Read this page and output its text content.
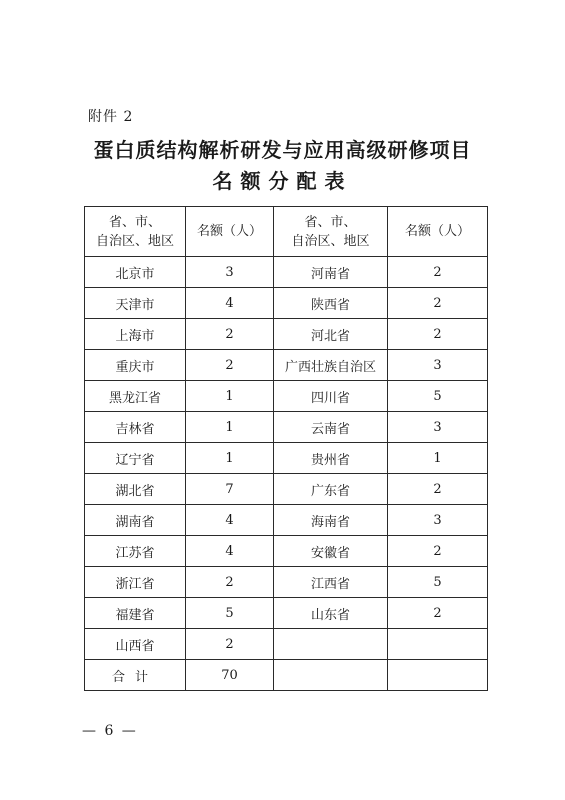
附件 2
蛋白质结构解析研发与应用高级研修项目
名额分配表
省、市、
自治区、地区	名额（人）	省、市、
自治区、地区	名额（人）
北京市	3	河南省	2
天津市	4	陕西省	2
上海市	2	河北省	2
重庆市	2	广西壮族自治区	3
黑龙江省	1	四川省	5
吉林省	1	云南省	3
辽宁省	1	贵州省	1
湖北省	7	广东省	2
湖南省	4	海南省	3
江苏省	4	安徽省	2
浙江省	2	江西省	5
福建省	5	山东省	2
山西省	2		
合计	70		
— 6 —
